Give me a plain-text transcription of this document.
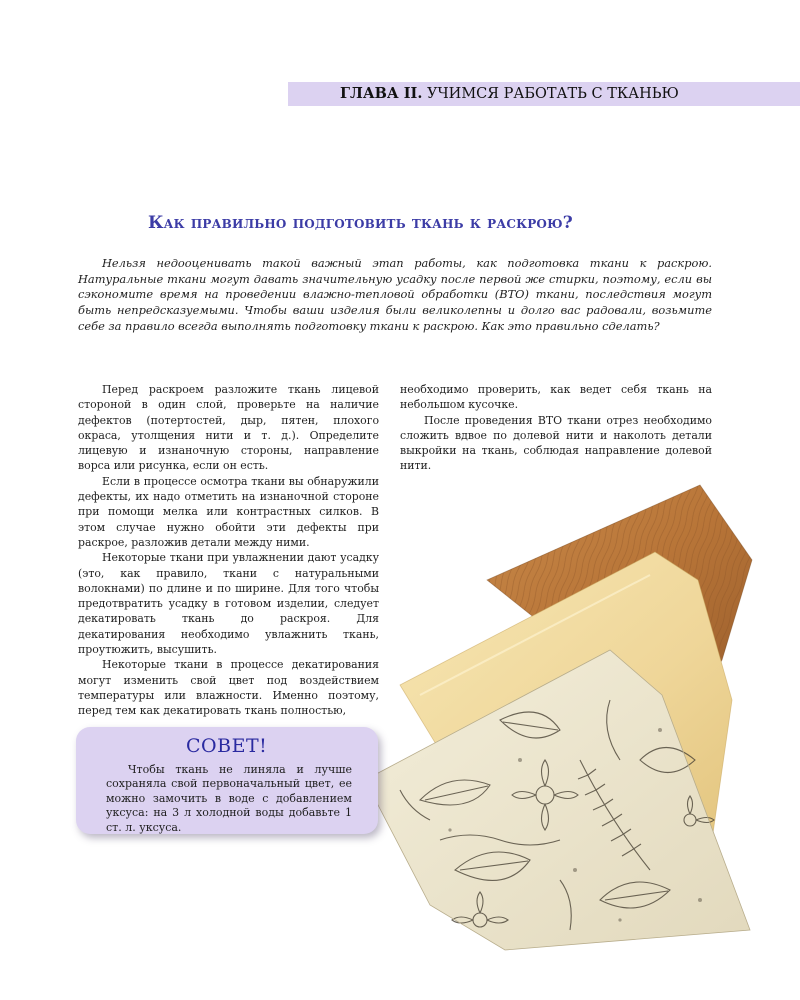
ГЛАВА II. УЧИМСЯ РАБОТАТЬ С ТКАНЬЮ
Как правильно подготовить ткань к раскрою?

Нельзя недооценивать такой важный этап работы, как подготовка ткани к раскрою. Натуральные ткани могут давать значительную усадку после первой же стирки, поэтому, если вы сэкономите время на проведении влажно-тепловой обработки (ВТО) ткани, последствия могут быть непредсказуемыми. Чтобы ваши изделия были великолепны и долго вас радовали, возьмите себе за правило всегда выполнять подготовку ткани к раскрою. Как это правильно сделать?

Перед раскроем разложите ткань лицевой стороной в один слой, проверьте на наличие дефектов (потертостей, дыр, пятен, плохого окраса, утолщения нити и т. д.). Определите лицевую и изнаночную стороны, направление ворса или рисунка, если он есть.

Если в процессе осмотра ткани вы обнаружили дефекты, их надо отметить на изнаночной стороне при помощи мелка или контрастных силков. В этом случае нужно обойти эти дефекты при раскрое, разложив детали между ними.

Некоторые ткани при увлажнении дают усадку (это, как правило, ткани с натуральными волокнами) по длине и по ширине. Для того чтобы предотвратить усадку в готовом изделии, следует декатировать ткань до раскроя. Для декатирования необходимо увлажнить ткань, проутюжить, высушить.

Некоторые ткани в процессе декатирования могут изменить свой цвет под воздействием температуры или влажности. Именно поэтому, перед тем как декатировать ткань полностью,

необходимо проверить, как ведет себя ткань на небольшом кусочке.

После проведения ВТО ткани отрез необходимо сложить вдвое по долевой нити и наколоть детали выкройки на ткань, соблюдая направление долевой нити.

СОВЕТ!

Чтобы ткань не линяла и лучше сохраняла свой первоначальный цвет, ее можно замочить в воде с добавлением уксуса: на 3 л холодной воды добавьте 1 ст. л. уксуса.
